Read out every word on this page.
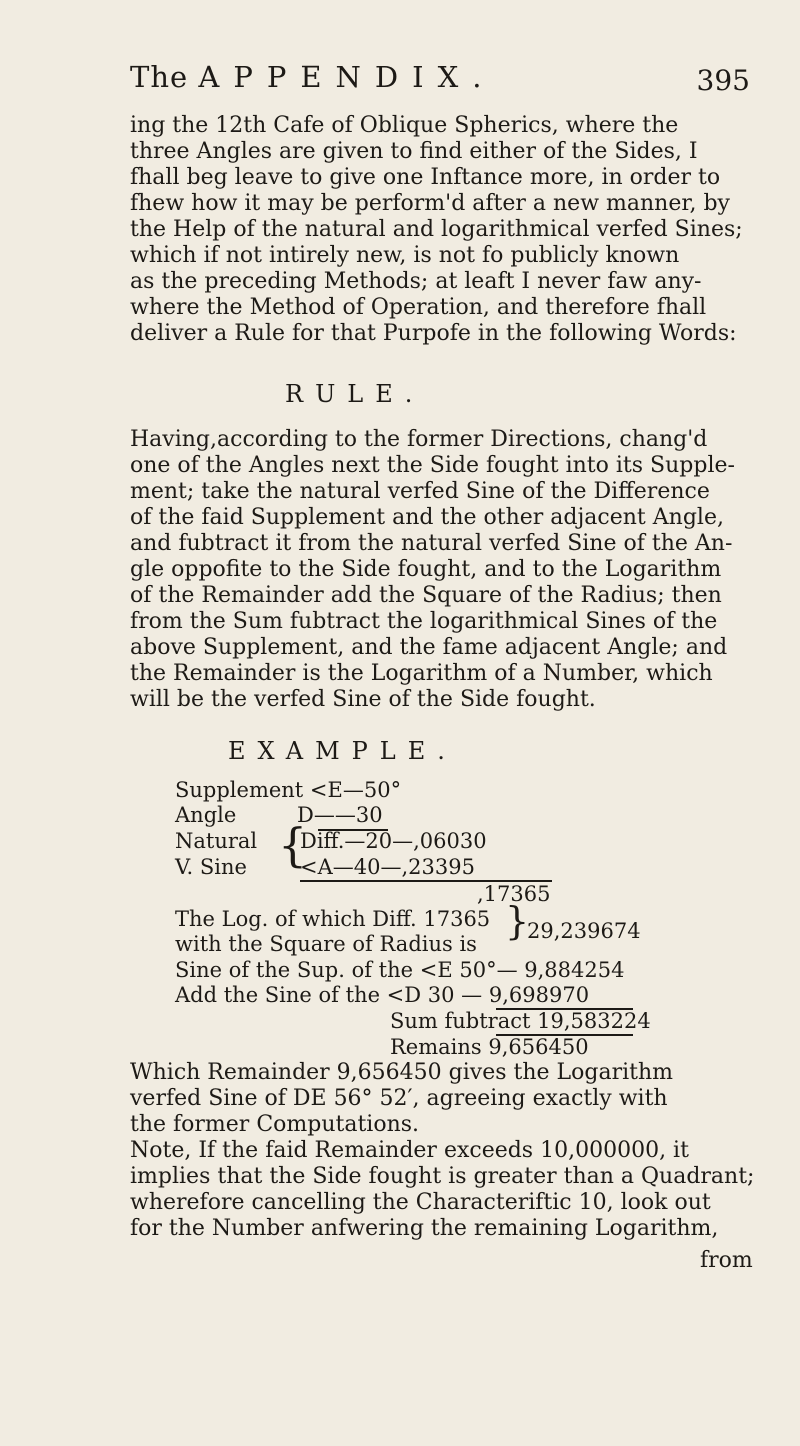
The APPENDIX.	395
ing the 12th Cafe of Oblique Spherics, where the
three Angles are given to find either of the Sides, I
fhall beg leave to give one Inftance more, in order to
fhew how it may be perform'd after a new manner, by
the Help of the natural and logarithmical verfed Sines;
which if not intirely new, is not fo publicly known
as the preceding Methods; at leaft I never faw any-
where the Method of Operation, and therefore fhall
deliver a Rule for that Purpofe in the following Words:
RULE.
Having,according to the former Directions, chang'd
one of the Angles next the Side fought into its Supple-
ment; take the natural verfed Sine of the Difference
of the faid Supplement and the other adjacent Angle,
and fubtract it from the natural verfed Sine of the An-
gle oppofite to the Side fought, and to the Logarithm
of the Remainder add the Square of the Radius; then
from the Sum fubtract the logarithmical Sines of the
above Supplement, and the fame adjacent Angle; and
the Remainder is the Logarithm of a Number, which
will be the verfed Sine of the Side fought.
EXAMPLE.
Supplement <E—50°
Angle	D——30
Natural
V. Sine {
Diff.—20—,06030
<A—40—,23395
,17365
The Log. of which Diff. 17365
with the Square of Radius is
}
29,239674
Sine of the Sup. of the <E 50°— 9,884254
Add the Sine of the <D 30 — 9,698970
Sum fubtract 19,583224
Remains 9,656450
Which Remainder 9,656450 gives the Logarithm
verfed Sine of DE 56° 52′, agreeing exactly with
the former Computations.
Note, If the faid Remainder exceeds 10,000000, it
implies that the Side fought is greater than a Quadrant;
wherefore cancelling the Characteriftic 10, look out
for the Number anfwering the remaining Logarithm,
from
